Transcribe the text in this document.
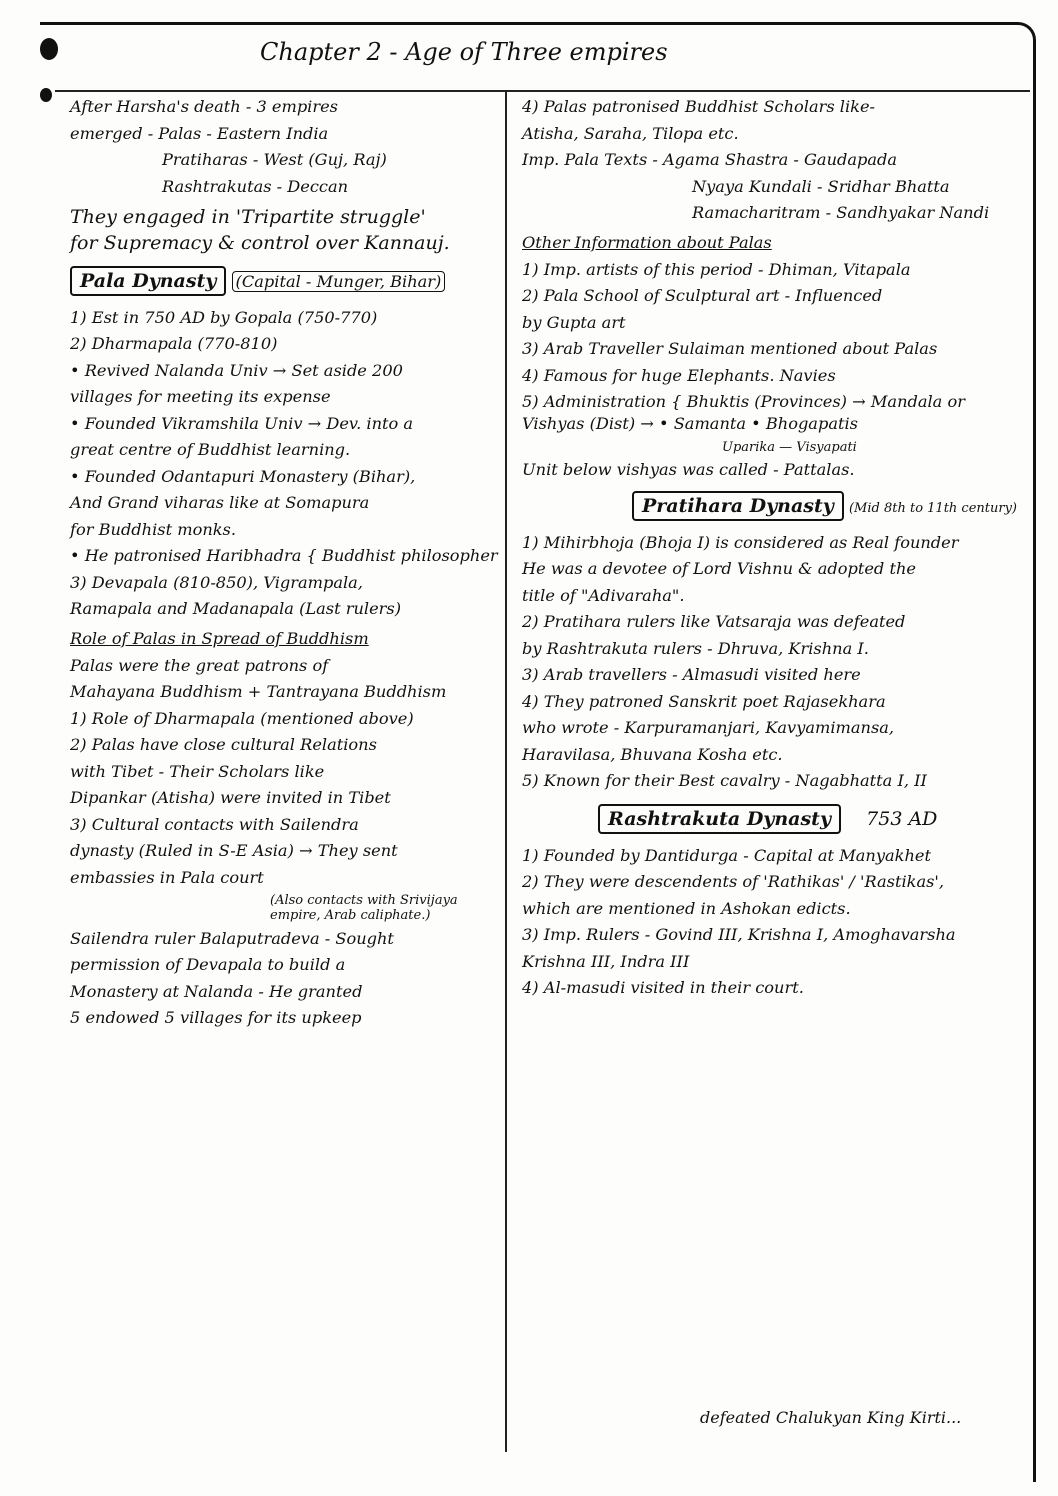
Chapter 2 - Age of Three empires

After Harsha's death - 3 empires

emerged - Palas - Eastern India

Pratiharas - West (Guj, Raj)

Rashtrakutas - Deccan

They engaged in 'Tripartite struggle'

for Supremacy & control over Kannauj.

Pala Dynasty (Capital - Munger, Bihar)

1) Est in 750 AD by Gopala (750-770)

2) Dharmapala (770-810)

• Revived Nalanda Univ → Set aside 200

villages for meeting its expense

• Founded Vikramshila Univ → Dev. into a

great centre of Buddhist learning.

• Founded Odantapuri Monastery (Bihar),

And Grand viharas like at Somapura

for Buddhist monks.

• He patronised Haribhadra { Buddhist philosopher

3) Devapala (810-850), Vigrampala,

Ramapala and Madanapala (Last rulers)

Role of Palas in Spread of Buddhism

Palas were the great patrons of

Mahayana Buddhism + Tantrayana Buddhism

1) Role of Dharmapala (mentioned above)

2) Palas have close cultural Relations

with Tibet - Their Scholars like

Dipankar (Atisha) were invited in Tibet

3) Cultural contacts with Sailendra

dynasty (Ruled in S-E Asia) → They sent

embassies in Pala court

(Also contacts with Srivijaya empire, Arab caliphate.)

Sailendra ruler Balaputradeva - Sought

permission of Devapala to build a

Monastery at Nalanda - He granted

5 endowed 5 villages for its upkeep

4) Palas patronised Buddhist Scholars like-

Atisha, Saraha, Tilopa etc.

Imp. Pala Texts - Agama Shastra - Gaudapada

Nyaya Kundali - Sridhar Bhatta

Ramacharitram - Sandhyakar Nandi

Other Information about Palas

1) Imp. artists of this period - Dhiman, Vitapala

2) Pala School of Sculptural art - Influenced

by Gupta art

3) Arab Traveller Sulaiman mentioned about Palas

4) Famous for huge Elephants. Navies

5) Administration { Bhuktis (Provinces) → Mandala or Vishyas (Dist) → • Samanta • Bhogapatis

Uparika — Visyapati

Unit below vishyas was called - Pattalas.

Pratihara Dynasty (Mid 8th to 11th century)

1) Mihirbhoja (Bhoja I) is considered as Real founder

He was a devotee of Lord Vishnu & adopted the

title of "Adivaraha".

2) Pratihara rulers like Vatsaraja was defeated

by Rashtrakuta rulers - Dhruva, Krishna I.

3) Arab travellers - Almasudi visited here

4) They patroned Sanskrit poet Rajasekhara

who wrote - Karpuramanjari, Kavyamimansa,

Haravilasa, Bhuvana Kosha etc.

5) Known for their Best cavalry - Nagabhatta I, II

Rashtrakuta Dynasty 753 AD

1) Founded by Dantidurga - Capital at Manyakhet

2) They were descendents of 'Rathikas' / 'Rastikas',

which are mentioned in Ashokan edicts.

3) Imp. Rulers - Govind III, Krishna I, Amoghavarsha

Krishna III, Indra III

4) Al-masudi visited in their court.

defeated Chalukyan King Kirti...
